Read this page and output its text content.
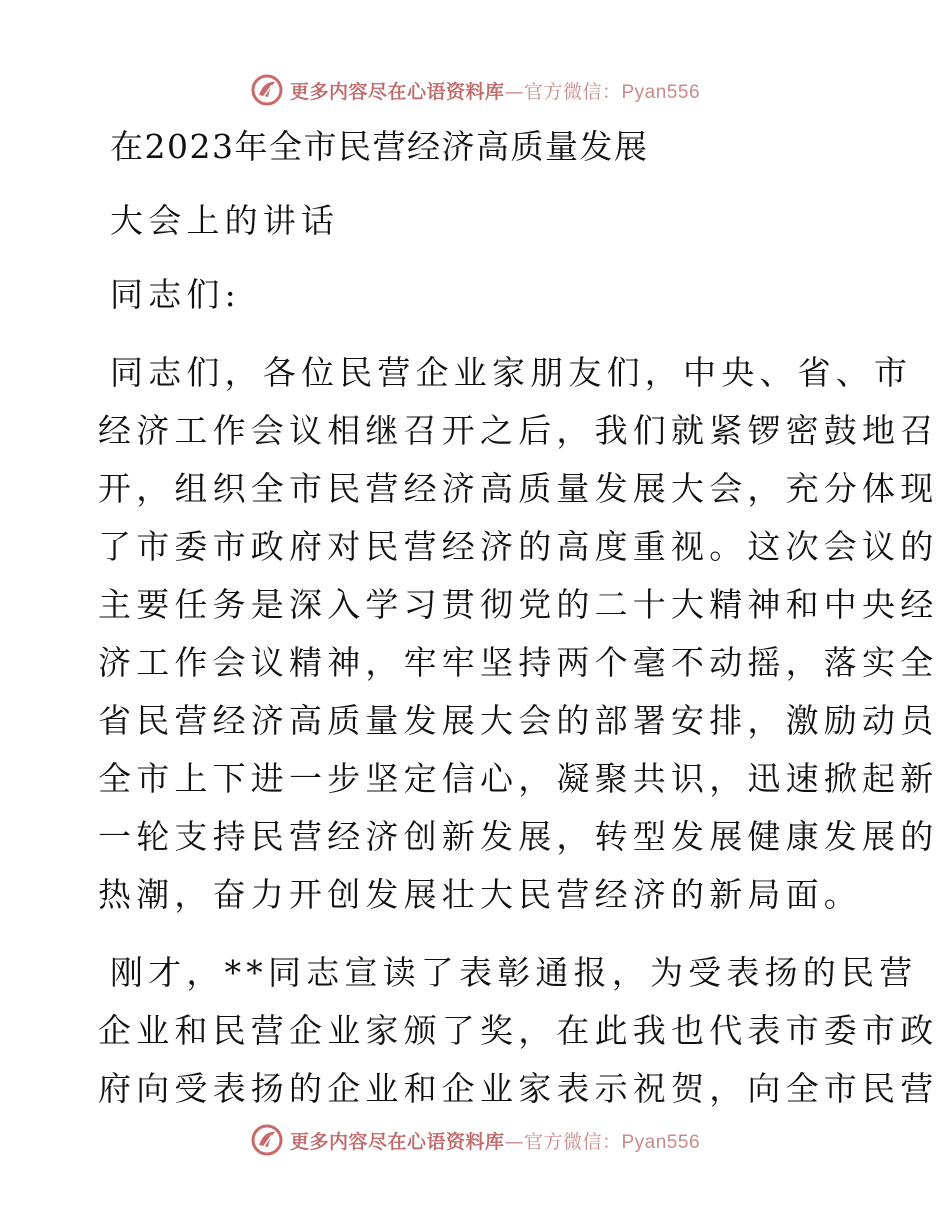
更多内容尽在心语资料库—官方微信：Pyan556
在2023年全市民营经济高质量发展
大会上的讲话
同志们:
同志们，各位民营企业家朋友们，中央、省、市
经济工作会议相继召开之后，我们就紧锣密鼓地召
开，组织全市民营经济高质量发展大会，充分体现
了市委市政府对民营经济的高度重视。这次会议的
主要任务是深入学习贯彻党的二十大精神和中央经
济工作会议精神，牢牢坚持两个毫不动摇，落实全
省民营经济高质量发展大会的部署安排，激励动员
全市上下进一步坚定信心，凝聚共识，迅速掀起新
一轮支持民营经济创新发展，转型发展健康发展的
热潮，奋力开创发展壮大民营经济的新局面。
刚才，**同志宣读了表彰通报，为受表扬的民营
企业和民营企业家颁了奖，在此我也代表市委市政
府向受表扬的企业和企业家表示祝贺，向全市民营
更多内容尽在心语资料库—官方微信：Pyan556
